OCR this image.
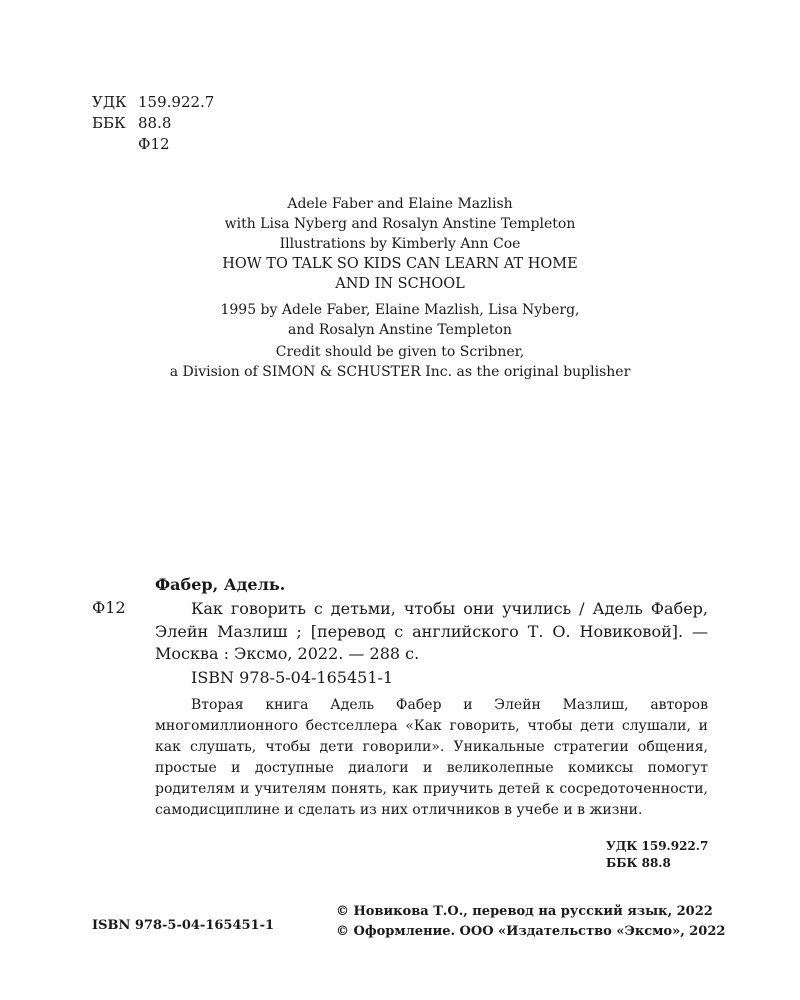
УДК 159.922.7
ББК 88.8
Ф12
Adele Faber and Elaine Mazlish
with Lisa Nyberg and Rosalyn Anstine Templeton
Illustrations by Kimberly Ann Coe
HOW TO TALK SO KIDS CAN LEARN AT HOME
AND IN SCHOOL
1995 by Adele Faber, Elaine Mazlish, Lisa Nyberg,
and Rosalyn Anstine Templeton
Credit should be given to Scribner,
a Division of SIMON & SCHUSTER Inc. as the original buplisher
Фабер, Адель.
Ф12	Как говорить с детьми, чтобы они учились / Адель Фабер, Элейн Мазлиш ; [перевод с английского Т. О. Новиковой]. — Москва : Эксмо, 2022. — 288 с.
ISBN 978-5-04-165451-1
Вторая книга Адель Фабер и Элейн Мазлиш, авторов многомиллионного бестселлера «Как говорить, чтобы дети слушали, и как слушать, чтобы дети говорили». Уникальные стратегии общения, простые и доступные диалоги и великолепные комиксы помогут родителям и учителям понять, как приучить детей к сосредоточенности, самодисциплине и сделать из них отличников в учебе и в жизни.
УДК 159.922.7
ББК 88.8
ISBN 978-5-04-165451-1
© Новикова Т.О., перевод на русский язык, 2022
© Оформление. ООО «Издательство «Эксмо», 2022
